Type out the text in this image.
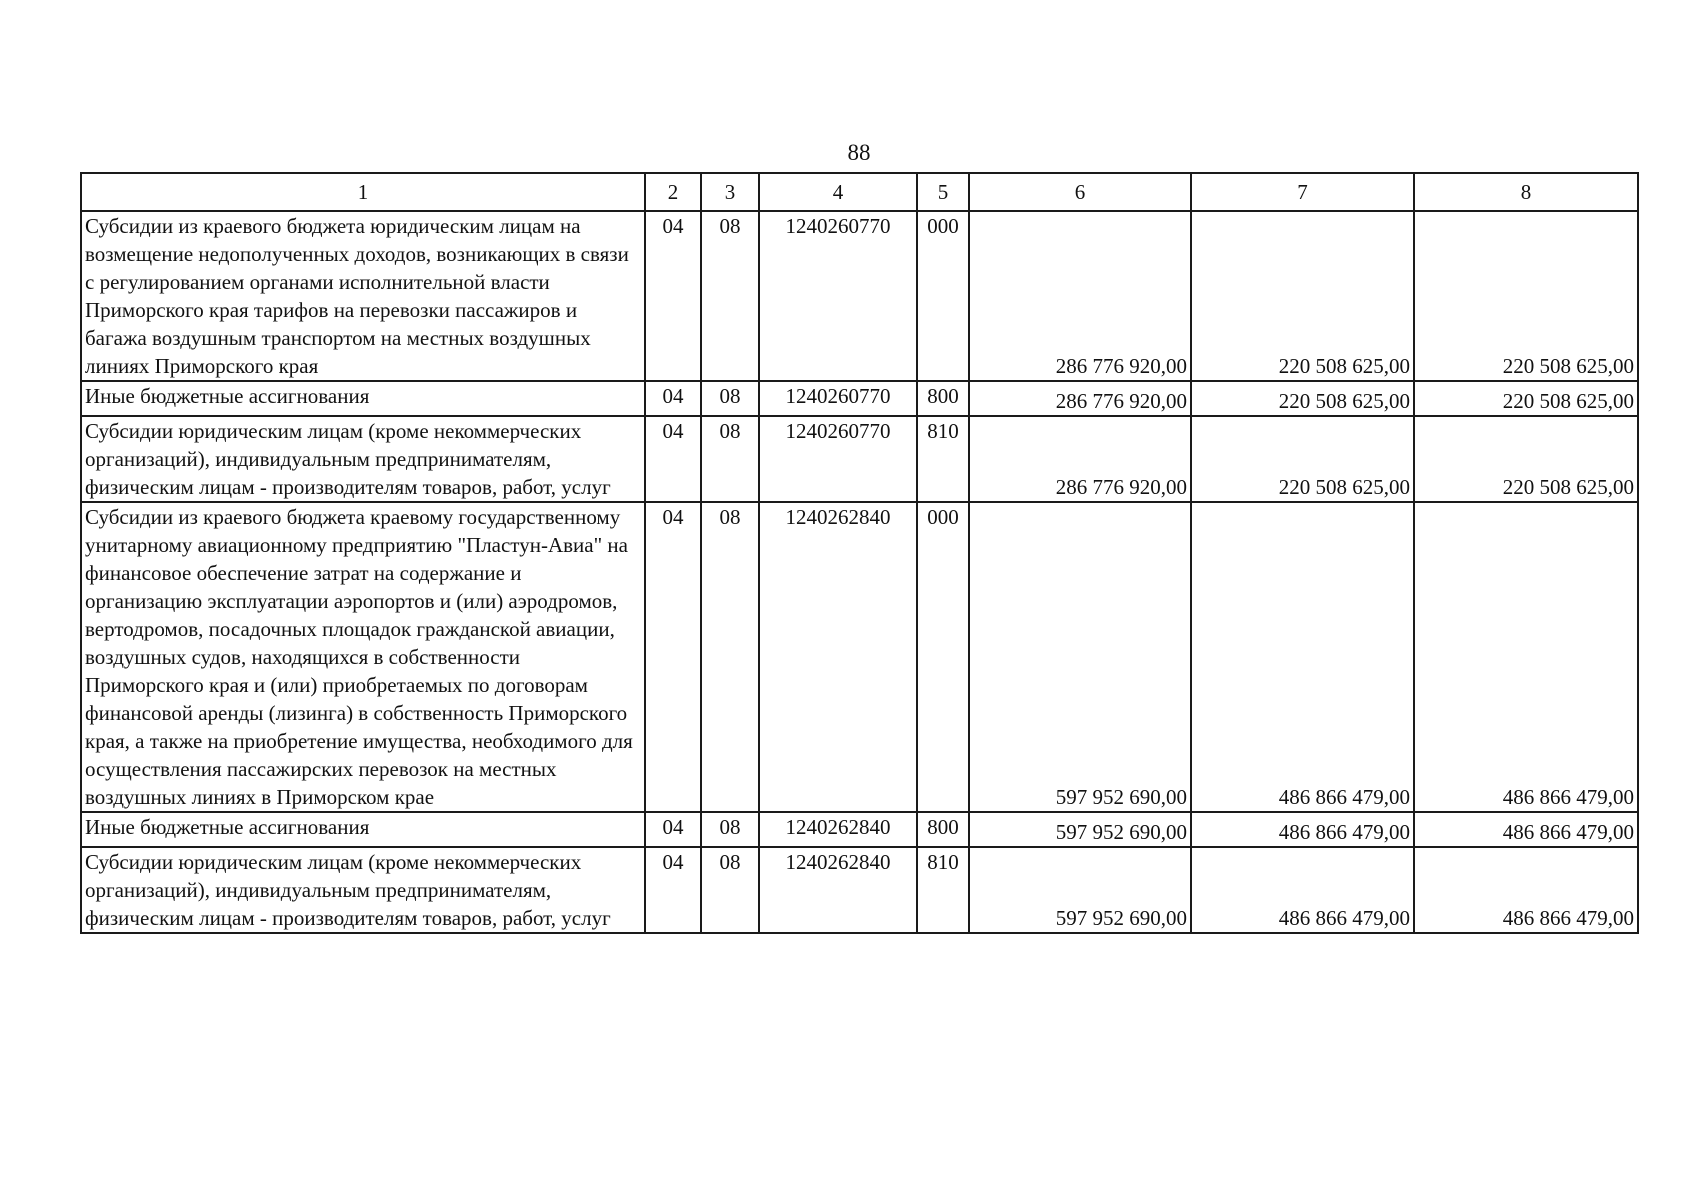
88
1	2	3	4	5	6	7	8
Субсидии из краевого бюджета юридическим лицам на возмещение недополученных доходов, возникающих в связи с регулированием органами исполнительной власти Приморского края тарифов на перевозки пассажиров и багажа воздушным транспортом на местных воздушных линиях Приморского края	04	08	1240260770	000	286 776 920,00	220 508 625,00	220 508 625,00
Иные бюджетные ассигнования	04	08	1240260770	800	286 776 920,00	220 508 625,00	220 508 625,00
Субсидии юридическим лицам (кроме некоммерческих организаций), индивидуальным предпринимателям, физическим лицам - производителям товаров, работ, услуг	04	08	1240260770	810	286 776 920,00	220 508 625,00	220 508 625,00
Субсидии из краевого бюджета краевому государственному унитарному авиационному предприятию "Пластун-Авиа" на финансовое обеспечение затрат на содержание и организацию эксплуатации аэропортов и (или) аэродромов, вертодромов, посадочных площадок гражданской авиации, воздушных судов, находящихся в собственности Приморского края и (или) приобретаемых по договорам финансовой аренды (лизинга) в собственность Приморского края, а также на приобретение имущества, необходимого для осуществления пассажирских перевозок на местных воздушных линиях в Приморском крае	04	08	1240262840	000	597 952 690,00	486 866 479,00	486 866 479,00
Иные бюджетные ассигнования	04	08	1240262840	800	597 952 690,00	486 866 479,00	486 866 479,00
Субсидии юридическим лицам (кроме некоммерческих организаций), индивидуальным предпринимателям, физическим лицам - производителям товаров, работ, услуг	04	08	1240262840	810	597 952 690,00	486 866 479,00	486 866 479,00
